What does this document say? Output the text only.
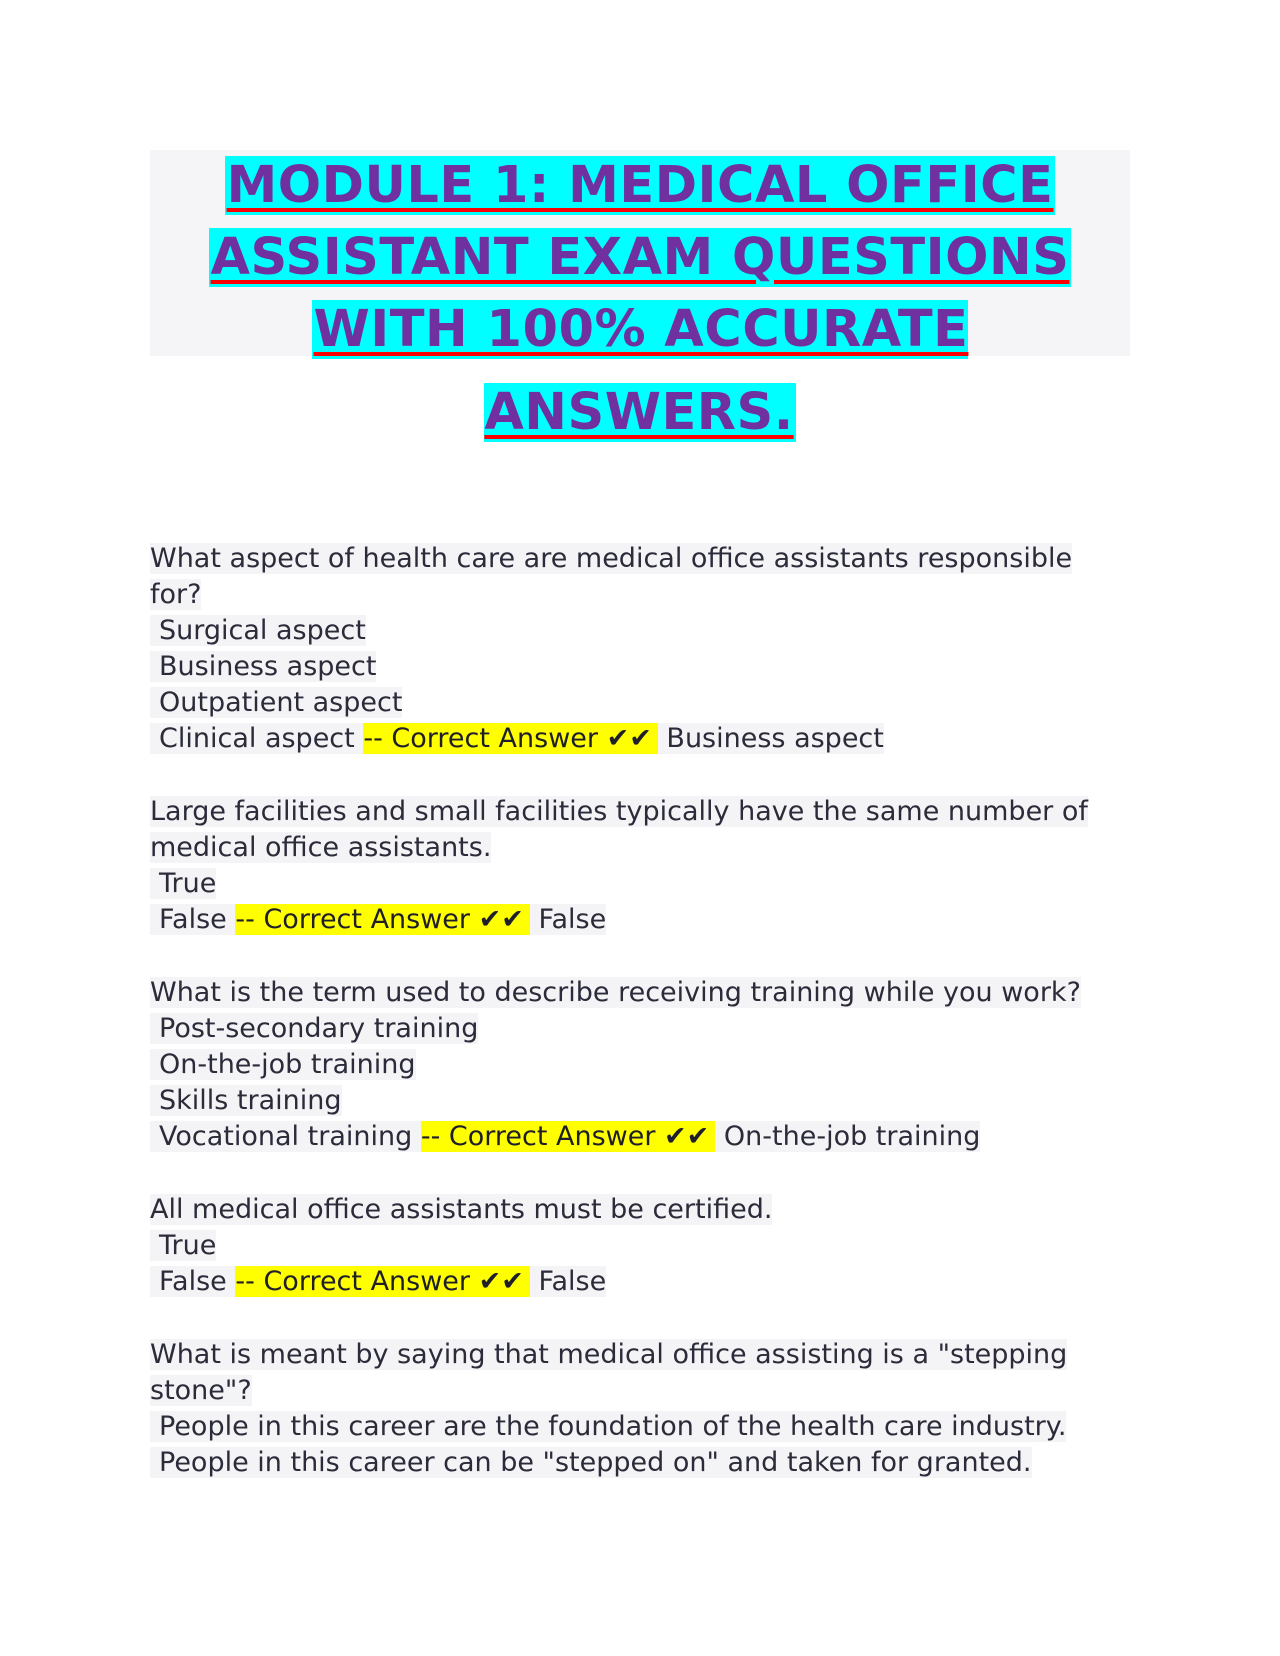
MODULE 1: MEDICAL OFFICE
ASSISTANT EXAM QUESTIONS
WITH 100% ACCURATE ANSWERS.
What aspect of health care are medical office assistants responsible
for?
Surgical aspect
Business aspect
Outpatient aspect
Clinical aspect -- Correct Answer ✔✔ Business aspect
Large facilities and small facilities typically have the same number of
medical office assistants.
True
False -- Correct Answer ✔✔ False
What is the term used to describe receiving training while you work?
Post-secondary training
On-the-job training
Skills training
Vocational training -- Correct Answer ✔✔ On-the-job training
All medical office assistants must be certified.
True
False -- Correct Answer ✔✔ False
What is meant by saying that medical office assisting is a "stepping
stone"?
People in this career are the foundation of the health care industry.
People in this career can be "stepped on" and taken for granted.
